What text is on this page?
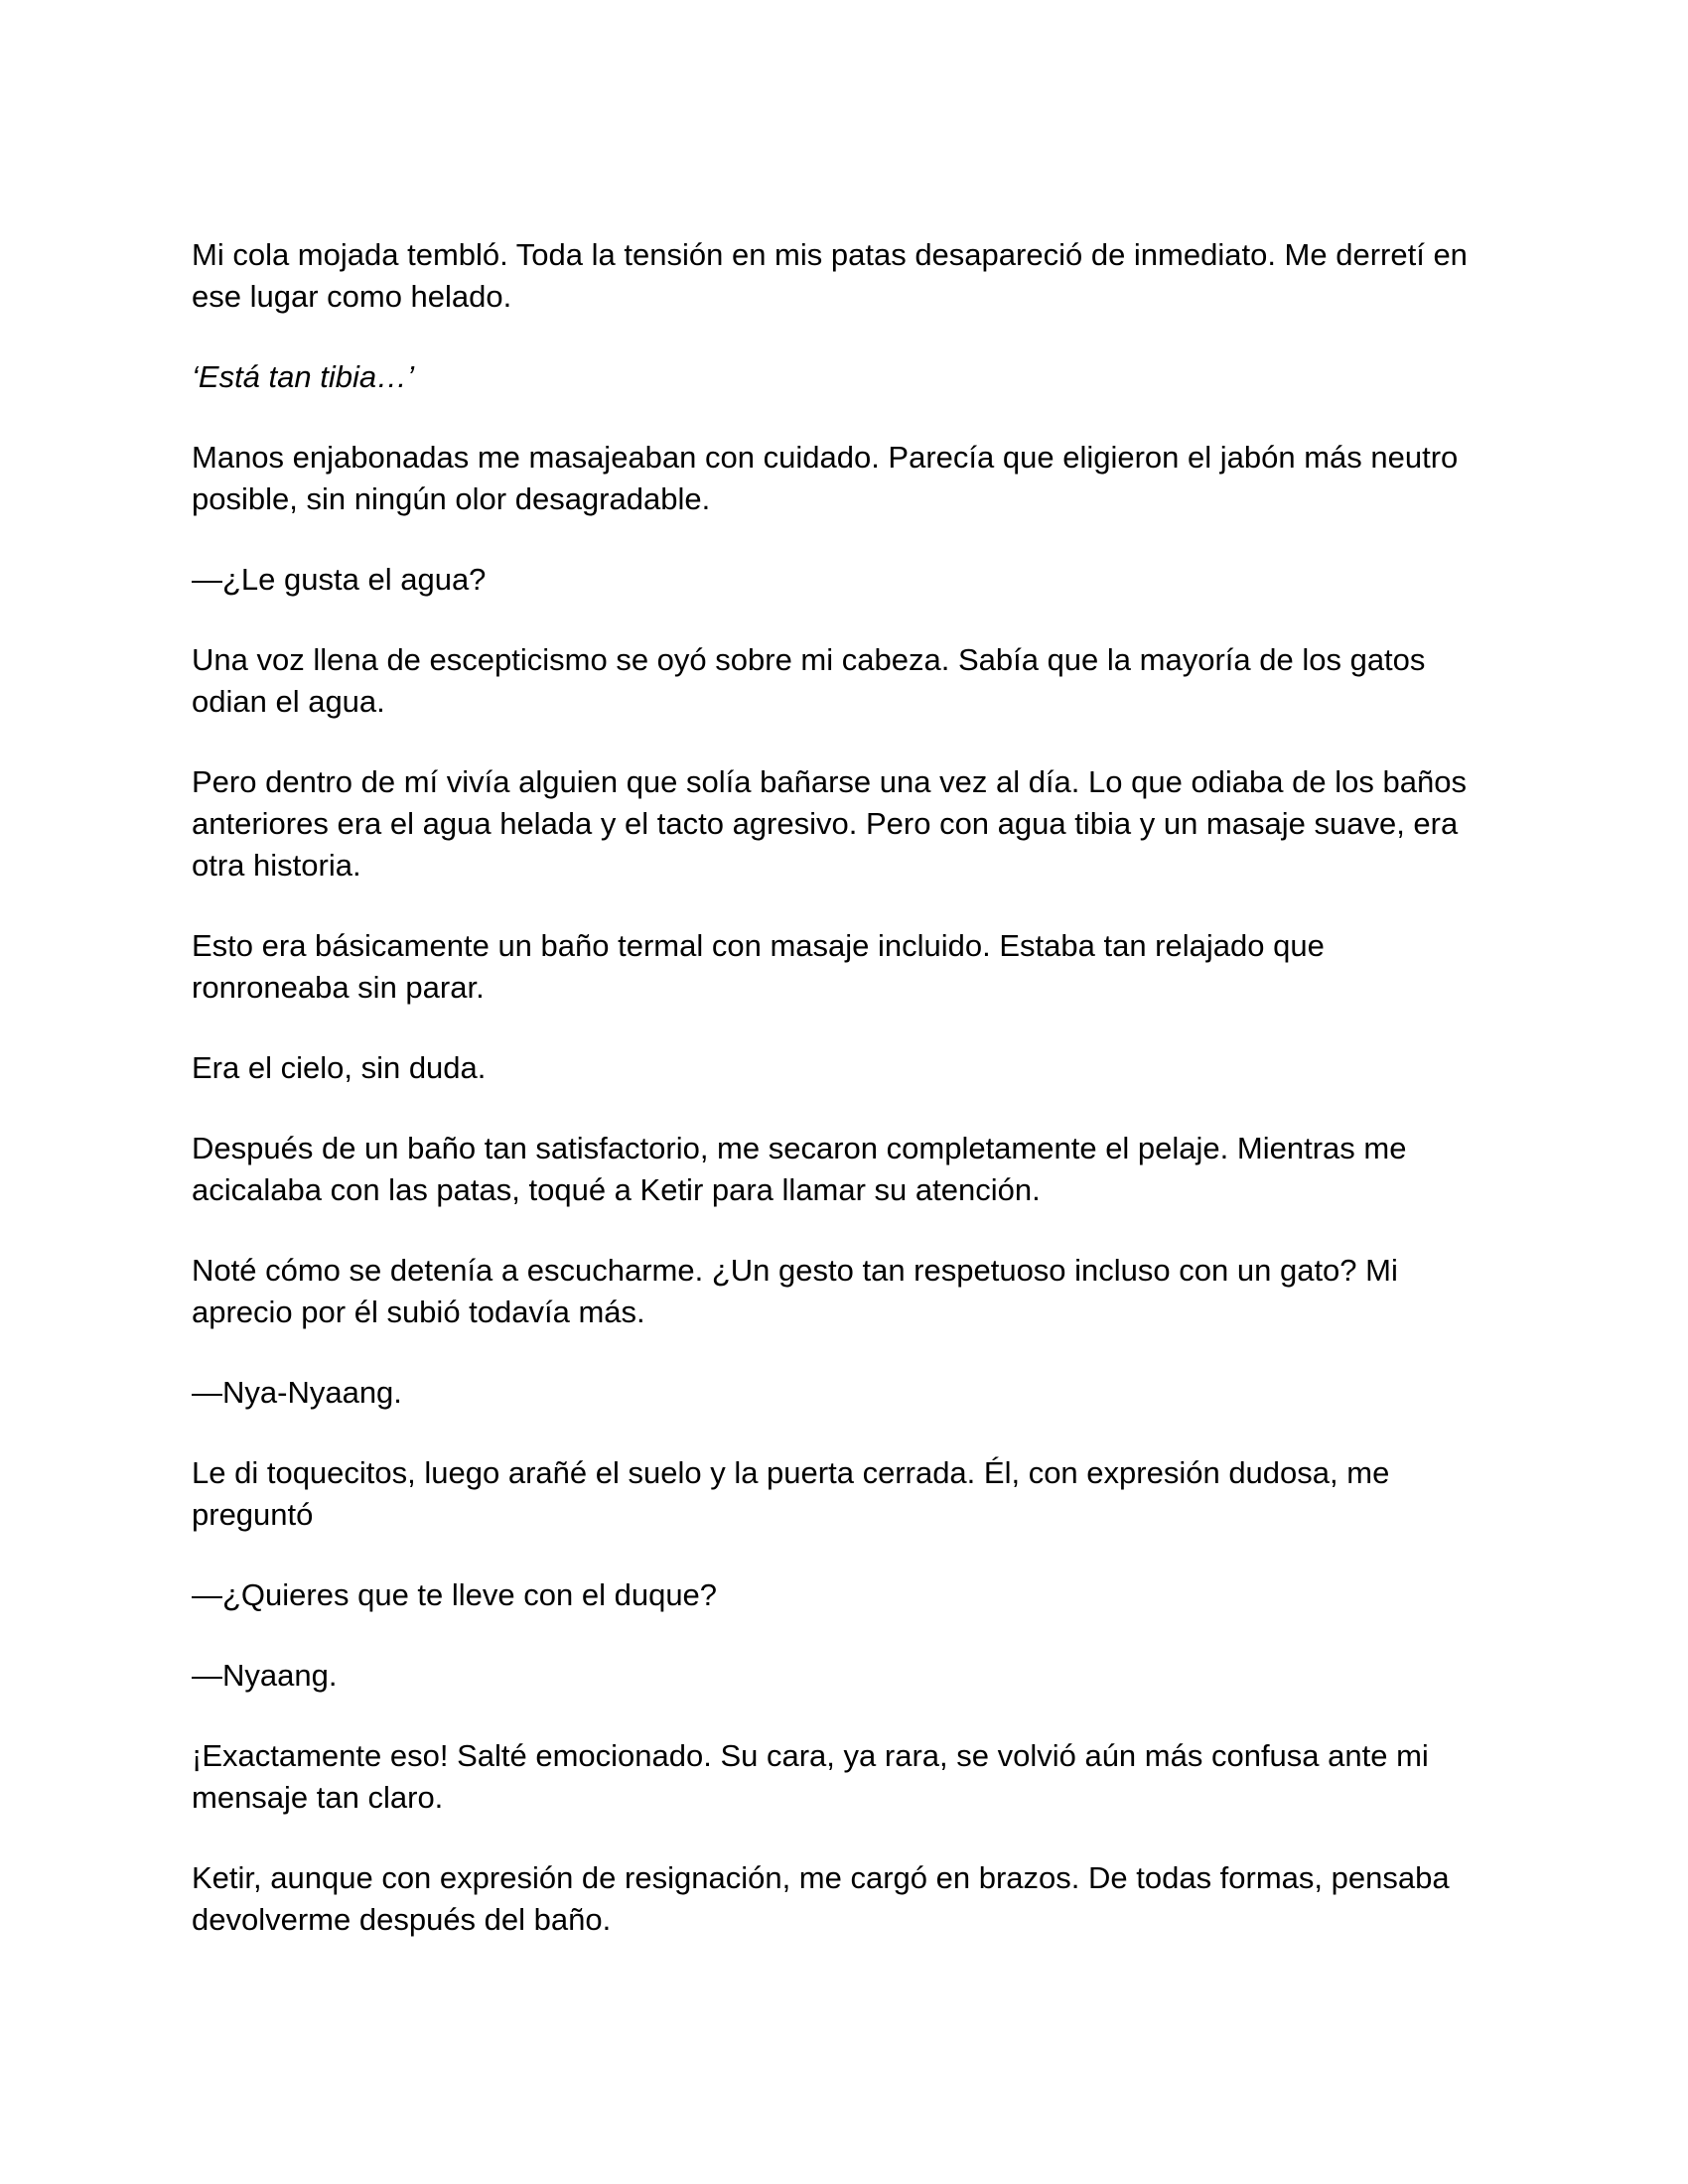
Mi cola mojada tembló. Toda la tensión en mis patas desapareció de inmediato. Me derretí en ese lugar como helado.

‘Está tan tibia…’

Manos enjabonadas me masajeaban con cuidado. Parecía que eligieron el jabón más neutro posible, sin ningún olor desagradable.

—¿Le gusta el agua?

Una voz llena de escepticismo se oyó sobre mi cabeza. Sabía que la mayoría de los gatos odian el agua.

Pero dentro de mí vivía alguien que solía bañarse una vez al día. Lo que odiaba de los baños anteriores era el agua helada y el tacto agresivo. Pero con agua tibia y un masaje suave, era otra historia.

Esto era básicamente un baño termal con masaje incluido. Estaba tan relajado que ronroneaba sin parar.

Era el cielo, sin duda.

Después de un baño tan satisfactorio, me secaron completamente el pelaje. Mientras me acicalaba con las patas, toqué a Ketir para llamar su atención.

Noté cómo se detenía a escucharme. ¿Un gesto tan respetuoso incluso con un gato? Mi aprecio por él subió todavía más.

—Nya-Nyaang.

Le di toquecitos, luego arañé el suelo y la puerta cerrada. Él, con expresión dudosa, me preguntó

—¿Quieres que te lleve con el duque?

—Nyaang.

¡Exactamente eso! Salté emocionado. Su cara, ya rara, se volvió aún más confusa ante mi mensaje tan claro.

Ketir, aunque con expresión de resignación, me cargó en brazos. De todas formas, pensaba devolverme después del baño.
